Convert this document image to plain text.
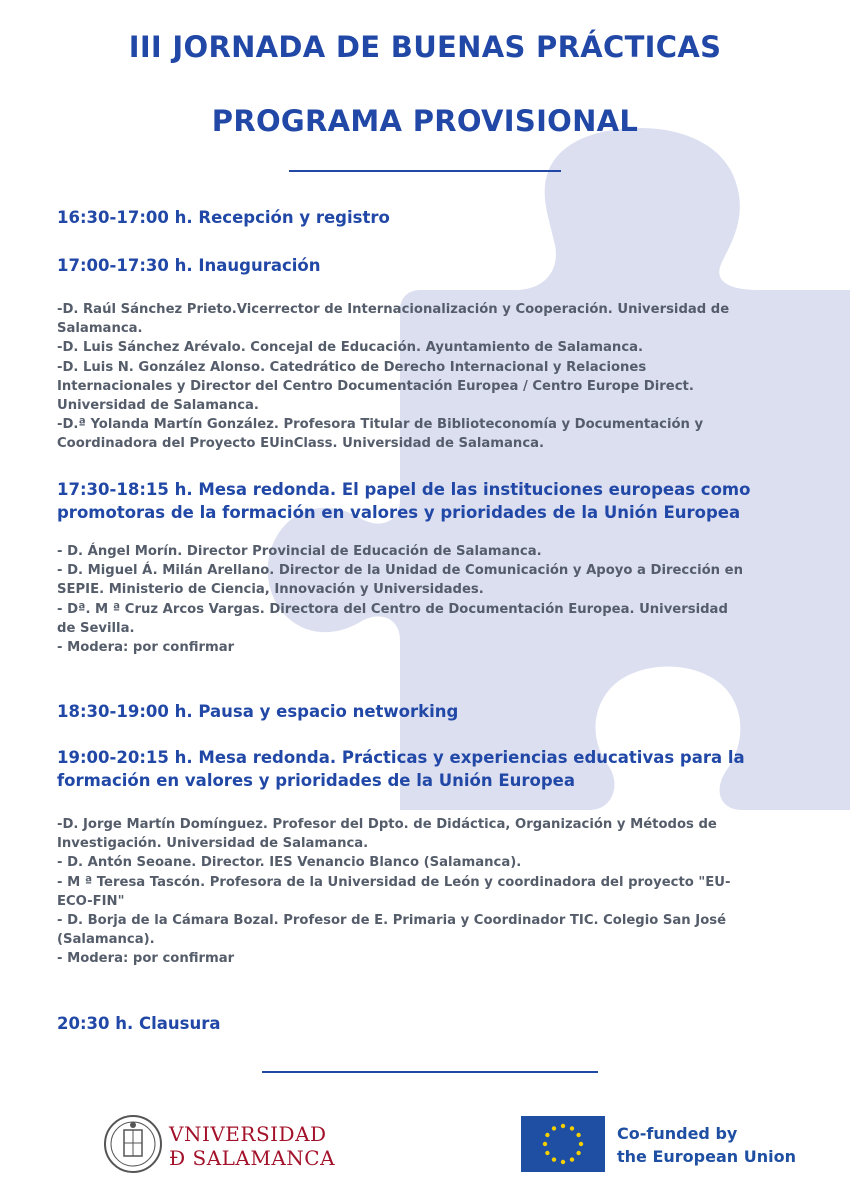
III JORNADA DE BUENAS PRÁCTICAS
PROGRAMA PROVISIONAL

16:30-17:00 h. Recepción y registro

17:00-17:30 h. Inauguración

-D. Raúl Sánchez Prieto.Vicerrector de Internacionalización y Cooperación. Universidad de
Salamanca.
-D. Luis Sánchez Arévalo. Concejal de Educación. Ayuntamiento de Salamanca.
-D. Luis N. González Alonso. Catedrático de Derecho Internacional y Relaciones
Internacionales y Director del Centro Documentación Europea / Centro Europe Direct.
Universidad de Salamanca.
-D.ª Yolanda Martín González. Profesora Titular de Biblioteconomía y Documentación y
Coordinadora del Proyecto EUinClass. Universidad de Salamanca.
17:30-18:15 h. Mesa redonda. El papel de las instituciones europeas como
promotoras de la formación en valores y prioridades de la Unión Europea
- D. Ángel Morín. Director Provincial de Educación de Salamanca.
- D. Miguel Á. Milán Arellano. Director de la Unidad de Comunicación y Apoyo a Dirección en
SEPIE. Ministerio de Ciencia, Innovación y Universidades.
- Dª. M ª Cruz Arcos Vargas. Directora del Centro de Documentación Europea. Universidad
de Sevilla.
- Modera: por confirmar

18:30-19:00 h. Pausa y espacio networking

19:00-20:15 h. Mesa redonda. Prácticas y experiencias educativas para la
formación en valores y prioridades de la Unión Europea
-D. Jorge Martín Domínguez. Profesor del Dpto. de Didáctica, Organización y Métodos de
Investigación. Universidad de Salamanca.
- D. Antón Seoane. Director. IES Venancio Blanco (Salamanca).
- M ª Teresa Tascón. Profesora de la Universidad de León y coordinadora del proyecto "EU-
ECO-FIN"
- D. Borja de la Cámara Bozal. Profesor de E. Primaria y Coordinador TIC. Colegio San José
(Salamanca).
- Modera: por confirmar

20:30 h. Clausura

VNIVERSIDAD
Ð SALAMANCA
Co-funded by
the European Union
